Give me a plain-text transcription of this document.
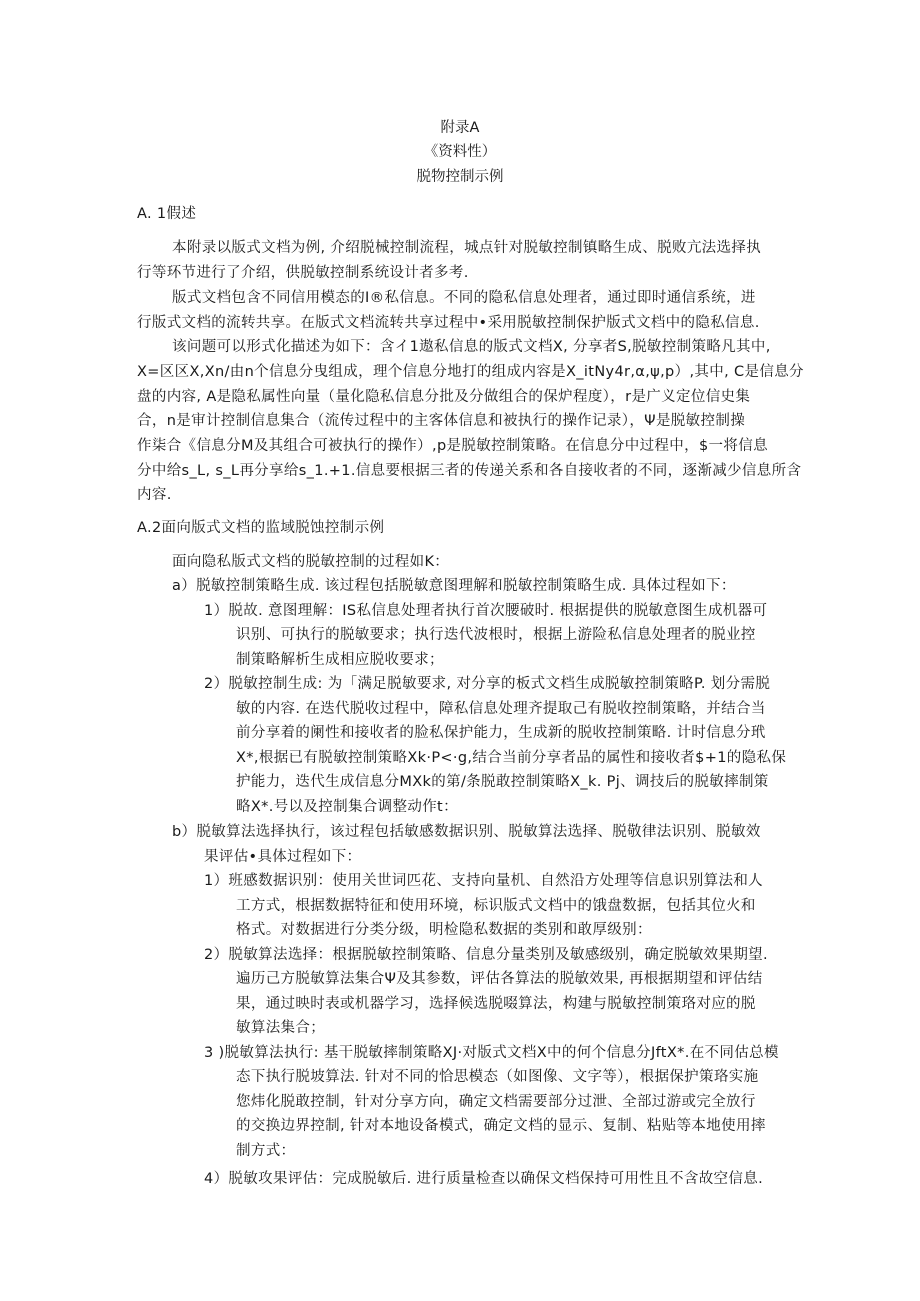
附录A
《资料性）
脱物控制示例
A. 1假述
本附录以版式文档为例, 介绍脱械控制流程，城点针对脱敏控制镇略生成、脱败亢法选择执
行等环节进行了介绍，供脱敏控制系统设计者多考.
版式文档包含不同信用模态的I®私信息。不同的隐私信息处理者，通过即时通信系统，进
行版式文档的流转共享。在版式文档流转共享过程中•采用脱敏控制保护版式文档中的隐私信息.
该问题可以形式化描述为如下：含イ1遨私信息的版式文档X, 分享者S,脱敏控制策略凡其中,
X=区区X,Xn/由n个信息分曳组成，理个信息分地打的组成内容是X_itNy4r,α,ψ,p）,其中, C是信息分
盘的内容, A是隐私属性向量（量化隐私信息分批及分做组合的保炉程度），r是广义定位信史集
合，n是审计控制信息集合（流传过程中的主客体信息和被执行的操作记录），Ψ是脱敏控制操
作柒合《信息分M及其组合可被执行的操作）,p是脱敏控制策略。在信息分中过程中，$一将信息
分中给s_L, s_L再分享给s_1.+1.信息要根据三者的传递关系和各自接收者的不同，逐渐减少信息所含
内容.
A.2面向版式文档的监域脱蚀控制示例
面向隐私版式文档的脱敏控制的过程如K：
a）脱敏控制策略生成. 该过程包括脱敏意图理解和脱敏控制策略生成. 具体过程如下：
1）脱故. 意图理解：IS私信息处理者执行首次腰破时. 根据提供的脱敏意图生成机器可
识别、可执行的脱敏要求；执行迭代波根时，根据上游险私信息处理者的脱业控
制策略解析生成相应脱收要求；
2）脱敏控制生成: 为「满足脱敏要求, 对分享的板式文档生成脱敏控制策略P. 划分需脱
敏的内容. 在迭代脱收过程中，障私信息处理齐提取己有脱收控制策略，并结合当
前分享着的阑性和接收者的脸私保护能力，生成新的脱收控制策略. 计时信息分玳
X*,根据已有脱敏控制策略Xk·P<·g,结合当前分享者品的属性和接收者$+1的隐私保
护能力，迭代生成信息分MXk的第/条脱敢控制策略X_k. Pj、调技后的脱敏摔制策
略X*.号以及控制集合调整动作t：
b）脱敏算法选择执行，该过程包括敏感数据识别、脱敏算法选择、脱敬律法识别、脱敏效
果评估•具体过程如下：
1）班感数据识别：使用关世词匹花、支持向量机、自然沿方处理等信息识别算法和人
工方式，根据数据特征和使用环境，标识版式文档中的饿盘数据，包括其位火和
格式。对数据进行分类分级，明检隐私数据的类别和敢厚级别：
2）脱敏算法选择：根据脱敏控制策略、信息分量类别及敏感级别，确定脱敏效果期望.
遍历己方脱敏算法集合Ψ及其参数，评估各算法的脱敏效果, 再根据期望和评估结
果，通过映时表或机器学习，选择候选脱啜算法，构建与脱敏控制策珞对应的脱
敏算法集合；
3 )脱敏算法执行: 基干脱敏摔制策略XJ·对版式文档X中的何个信息分JftX*.在不同估总模
态下执行脱坡算法. 针对不同的恰思模态（如图像、文字等），根据保护策珞实施
您炜化脱敢控制，针对分享方向，确定文档需要部分过泄、全部过游或完全放行
的交换边界控制, 针对本地设备模式，确定文档的显示、复制、粘贴等本地使用摔
制方式：
4）脱敏攻果评估：完成脱敏后. 进行质量检查以确保文档保持可用性且不含故空信息.
